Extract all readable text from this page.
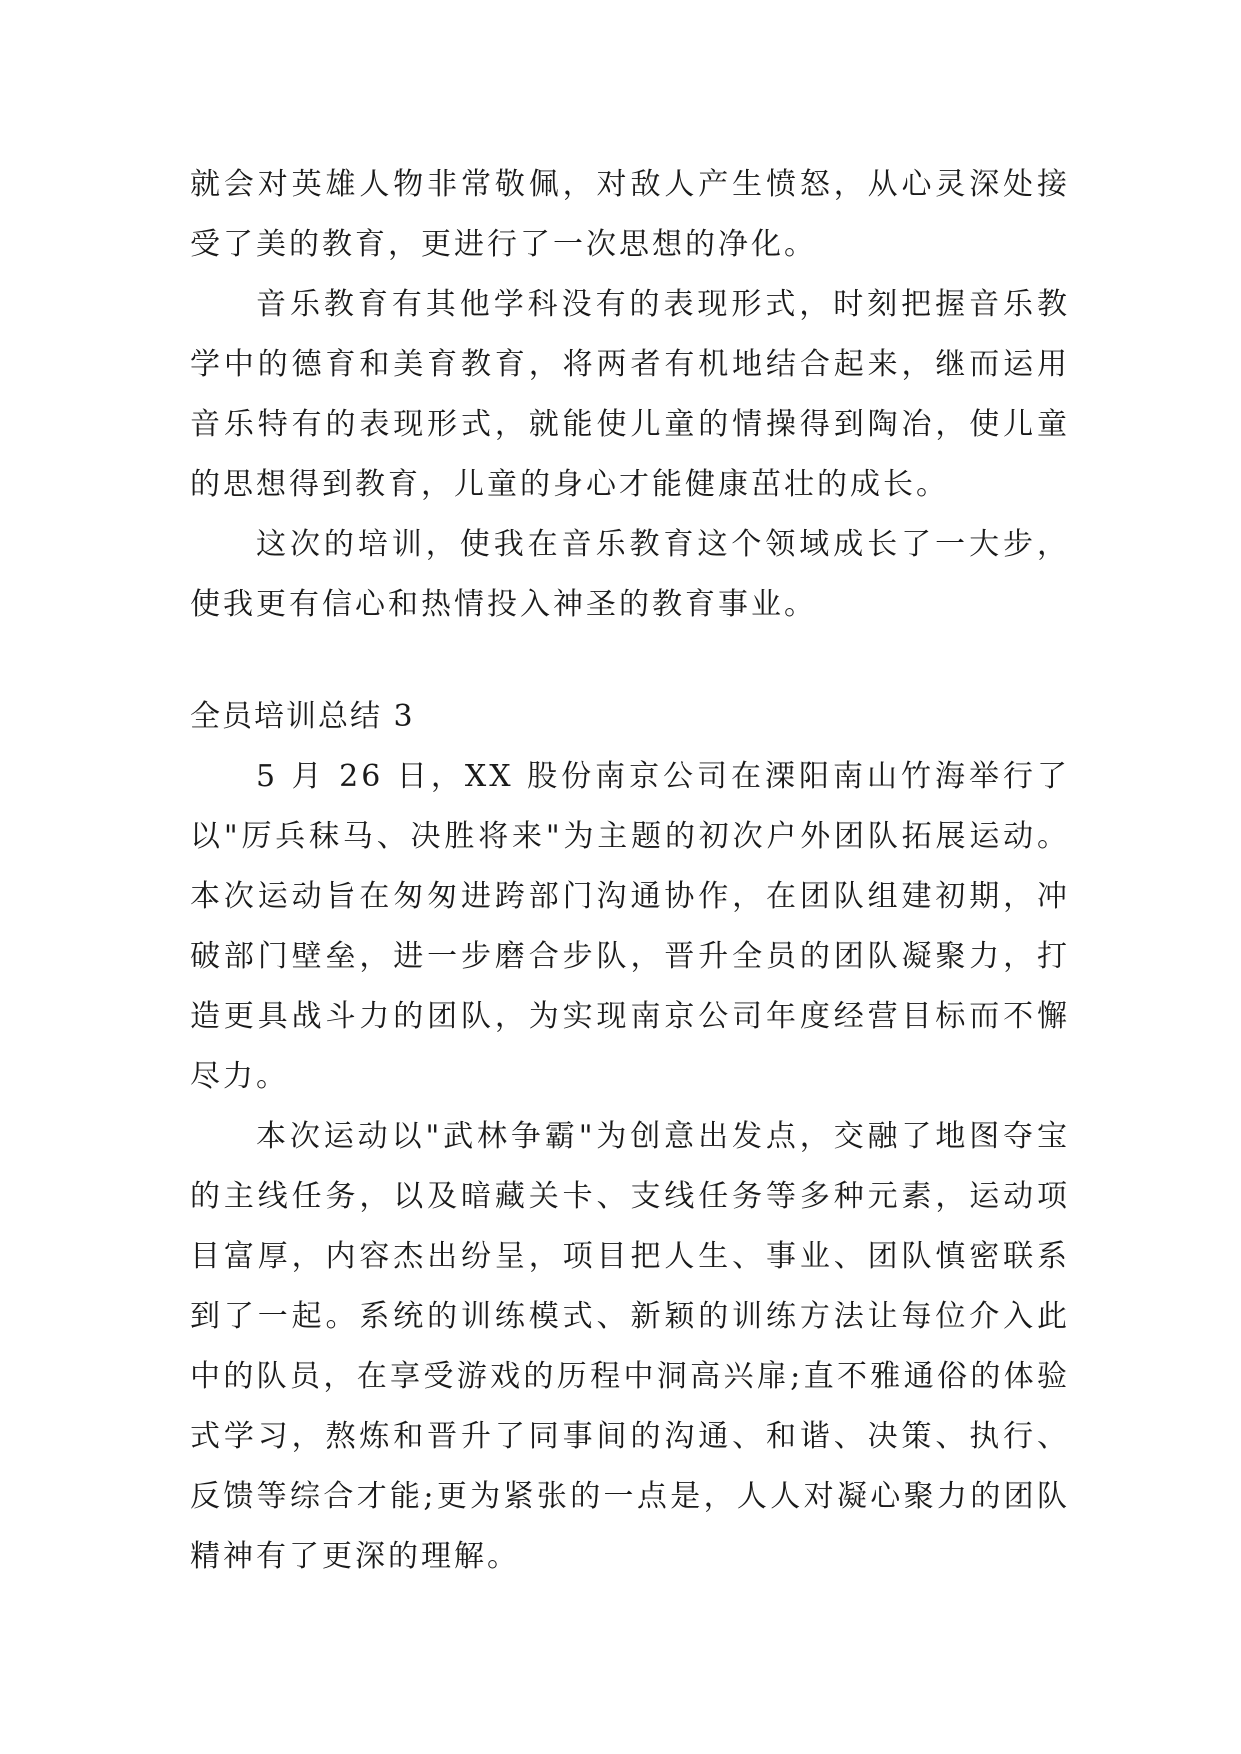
就会对英雄人物非常敬佩，对敌人产生愤怒，从心灵深处接受了美的教育，更进行了一次思想的净化。

音乐教育有其他学科没有的表现形式，时刻把握音乐教学中的德育和美育教育，将两者有机地结合起来，继而运用音乐特有的表现形式，就能使儿童的情操得到陶冶，使儿童的思想得到教育，儿童的身心才能健康茁壮的成长。

这次的培训，使我在音乐教育这个领域成长了一大步，使我更有信心和热情投入神圣的教育事业。

全员培训总结 3

5 月 26 日，XX 股份南京公司在溧阳南山竹海举行了以"厉兵秣马、决胜将来"为主题的初次户外团队拓展运动。本次运动旨在匆匆进跨部门沟通协作，在团队组建初期，冲破部门壁垒，进一步磨合步队，晋升全员的团队凝聚力，打造更具战斗力的团队，为实现南京公司年度经营目标而不懈尽力。

本次运动以"武林争霸"为创意出发点，交融了地图夺宝的主线任务，以及暗藏关卡、支线任务等多种元素，运动项目富厚，内容杰出纷呈，项目把人生、事业、团队慎密联系到了一起。系统的训练模式、新颖的训练方法让每位介入此中的队员，在享受游戏的历程中洞高兴扉;直不雅通俗的体验式学习，熬炼和晋升了同事间的沟通、和谐、决策、执行、反馈等综合才能;更为紧张的一点是，人人对凝心聚力的团队精神有了更深的理解。
